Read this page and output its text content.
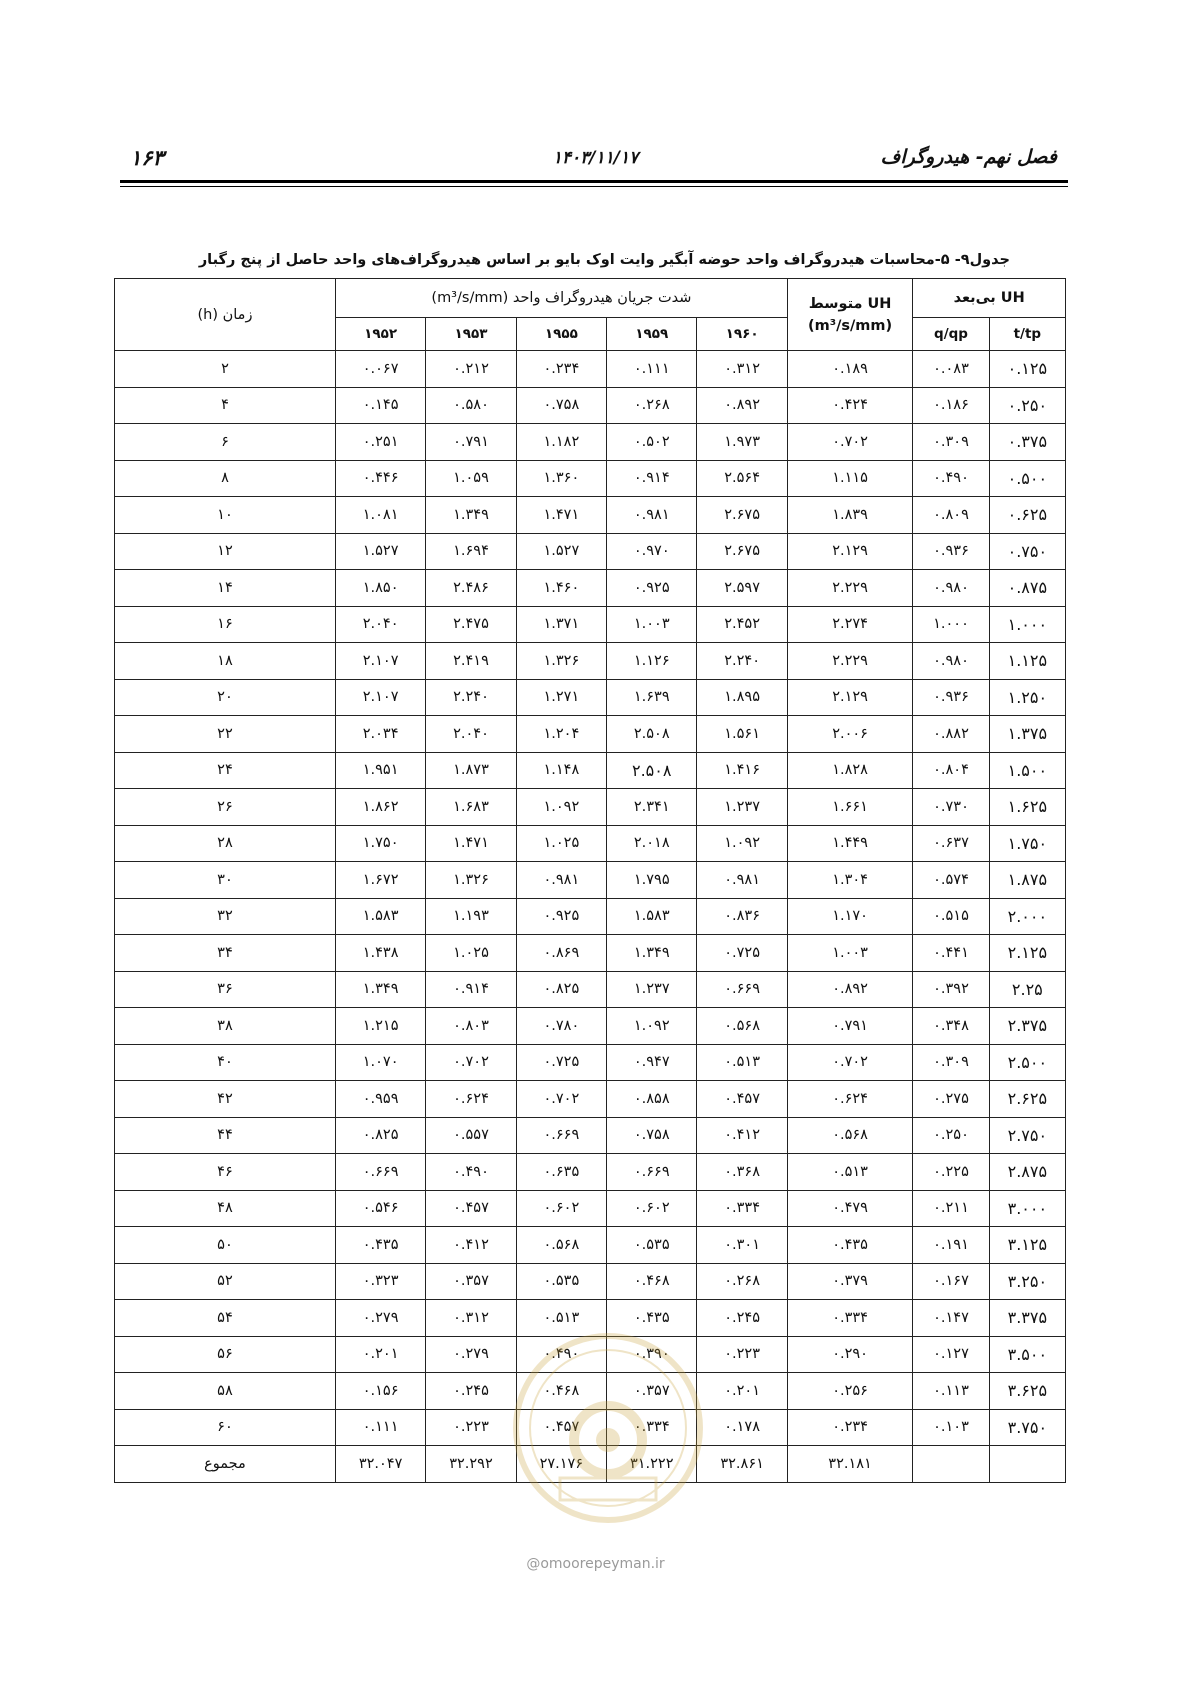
فصل نهم- هیدروگراف
۱۴۰۳/۱۱/۱۷
۱۶۳
جدول۹- ۵-محاسبات هیدروگراف واحد حوضه آبگیر وایت اوک بایو بر اساس هیدروگراف‌های واحد حاصل از پنج رگبار
زمان (h)	شدت جریان هیدروگراف واحد (m³/s/mm)					UH متوسط
(m³/s/mm)	UH بی‌بعد	
	۱۹۵۲	۱۹۵۳	۱۹۵۵	۱۹۵۹	۱۹۶۰		q/qp	t/tp
۲	۰.۰۶۷	۰.۲۱۲	۰.۲۳۴	۰.۱۱۱	۰.۳۱۲	۰.۱۸۹	۰.۰۸۳	۰.۱۲۵
۴	۰.۱۴۵	۰.۵۸۰	۰.۷۵۸	۰.۲۶۸	۰.۸۹۲	۰.۴۲۴	۰.۱۸۶	۰.۲۵۰
۶	۰.۲۵۱	۰.۷۹۱	۱.۱۸۲	۰.۵۰۲	۱.۹۷۳	۰.۷۰۲	۰.۳۰۹	۰.۳۷۵
۸	۰.۴۴۶	۱.۰۵۹	۱.۳۶۰	۰.۹۱۴	۲.۵۶۴	۱.۱۱۵	۰.۴۹۰	۰.۵۰۰
۱۰	۱.۰۸۱	۱.۳۴۹	۱.۴۷۱	۰.۹۸۱	۲.۶۷۵	۱.۸۳۹	۰.۸۰۹	۰.۶۲۵
۱۲	۱.۵۲۷	۱.۶۹۴	۱.۵۲۷	۰.۹۷۰	۲.۶۷۵	۲.۱۲۹	۰.۹۳۶	۰.۷۵۰
۱۴	۱.۸۵۰	۲.۴۸۶	۱.۴۶۰	۰.۹۲۵	۲.۵۹۷	۲.۲۲۹	۰.۹۸۰	۰.۸۷۵
۱۶	۲.۰۴۰	۲.۴۷۵	۱.۳۷۱	۱.۰۰۳	۲.۴۵۲	۲.۲۷۴	۱.۰۰۰	۱.۰۰۰
۱۸	۲.۱۰۷	۲.۴۱۹	۱.۳۲۶	۱.۱۲۶	۲.۲۴۰	۲.۲۲۹	۰.۹۸۰	۱.۱۲۵
۲۰	۲.۱۰۷	۲.۲۴۰	۱.۲۷۱	۱.۶۳۹	۱.۸۹۵	۲.۱۲۹	۰.۹۳۶	۱.۲۵۰
۲۲	۲.۰۳۴	۲.۰۴۰	۱.۲۰۴	۲.۵۰۸	۱.۵۶۱	۲.۰۰۶	۰.۸۸۲	۱.۳۷۵
۲۴	۱.۹۵۱	۱.۸۷۳	۱.۱۴۸	۲.۵۰۸	۱.۴۱۶	۱.۸۲۸	۰.۸۰۴	۱.۵۰۰
۲۶	۱.۸۶۲	۱.۶۸۳	۱.۰۹۲	۲.۳۴۱	۱.۲۳۷	۱.۶۶۱	۰.۷۳۰	۱.۶۲۵
۲۸	۱.۷۵۰	۱.۴۷۱	۱.۰۲۵	۲.۰۱۸	۱.۰۹۲	۱.۴۴۹	۰.۶۳۷	۱.۷۵۰
۳۰	۱.۶۷۲	۱.۳۲۶	۰.۹۸۱	۱.۷۹۵	۰.۹۸۱	۱.۳۰۴	۰.۵۷۴	۱.۸۷۵
۳۲	۱.۵۸۳	۱.۱۹۳	۰.۹۲۵	۱.۵۸۳	۰.۸۳۶	۱.۱۷۰	۰.۵۱۵	۲.۰۰۰
۳۴	۱.۴۳۸	۱.۰۲۵	۰.۸۶۹	۱.۳۴۹	۰.۷۲۵	۱.۰۰۳	۰.۴۴۱	۲.۱۲۵
۳۶	۱.۳۴۹	۰.۹۱۴	۰.۸۲۵	۱.۲۳۷	۰.۶۶۹	۰.۸۹۲	۰.۳۹۲	۲.۲۵
۳۸	۱.۲۱۵	۰.۸۰۳	۰.۷۸۰	۱.۰۹۲	۰.۵۶۸	۰.۷۹۱	۰.۳۴۸	۲.۳۷۵
۴۰	۱.۰۷۰	۰.۷۰۲	۰.۷۲۵	۰.۹۴۷	۰.۵۱۳	۰.۷۰۲	۰.۳۰۹	۲.۵۰۰
۴۲	۰.۹۵۹	۰.۶۲۴	۰.۷۰۲	۰.۸۵۸	۰.۴۵۷	۰.۶۲۴	۰.۲۷۵	۲.۶۲۵
۴۴	۰.۸۲۵	۰.۵۵۷	۰.۶۶۹	۰.۷۵۸	۰.۴۱۲	۰.۵۶۸	۰.۲۵۰	۲.۷۵۰
۴۶	۰.۶۶۹	۰.۴۹۰	۰.۶۳۵	۰.۶۶۹	۰.۳۶۸	۰.۵۱۳	۰.۲۲۵	۲.۸۷۵
۴۸	۰.۵۴۶	۰.۴۵۷	۰.۶۰۲	۰.۶۰۲	۰.۳۳۴	۰.۴۷۹	۰.۲۱۱	۳.۰۰۰
۵۰	۰.۴۳۵	۰.۴۱۲	۰.۵۶۸	۰.۵۳۵	۰.۳۰۱	۰.۴۳۵	۰.۱۹۱	۳.۱۲۵
۵۲	۰.۳۲۳	۰.۳۵۷	۰.۵۳۵	۰.۴۶۸	۰.۲۶۸	۰.۳۷۹	۰.۱۶۷	۳.۲۵۰
۵۴	۰.۲۷۹	۰.۳۱۲	۰.۵۱۳	۰.۴۳۵	۰.۲۴۵	۰.۳۳۴	۰.۱۴۷	۳.۳۷۵
۵۶	۰.۲۰۱	۰.۲۷۹	۰.۴۹۰	۰.۳۹۰	۰.۲۲۳	۰.۲۹۰	۰.۱۲۷	۳.۵۰۰
۵۸	۰.۱۵۶	۰.۲۴۵	۰.۴۶۸	۰.۳۵۷	۰.۲۰۱	۰.۲۵۶	۰.۱۱۳	۳.۶۲۵
۶۰	۰.۱۱۱	۰.۲۲۳	۰.۴۵۷	۰.۳۳۴	۰.۱۷۸	۰.۲۳۴	۰.۱۰۳	۳.۷۵۰
مجموع	۳۲.۰۴۷	۳۲.۲۹۲	۲۷.۱۷۶	۳۱.۲۲۲	۳۲.۸۶۱	۳۲.۱۸۱		
@omoorepeyman.ir
